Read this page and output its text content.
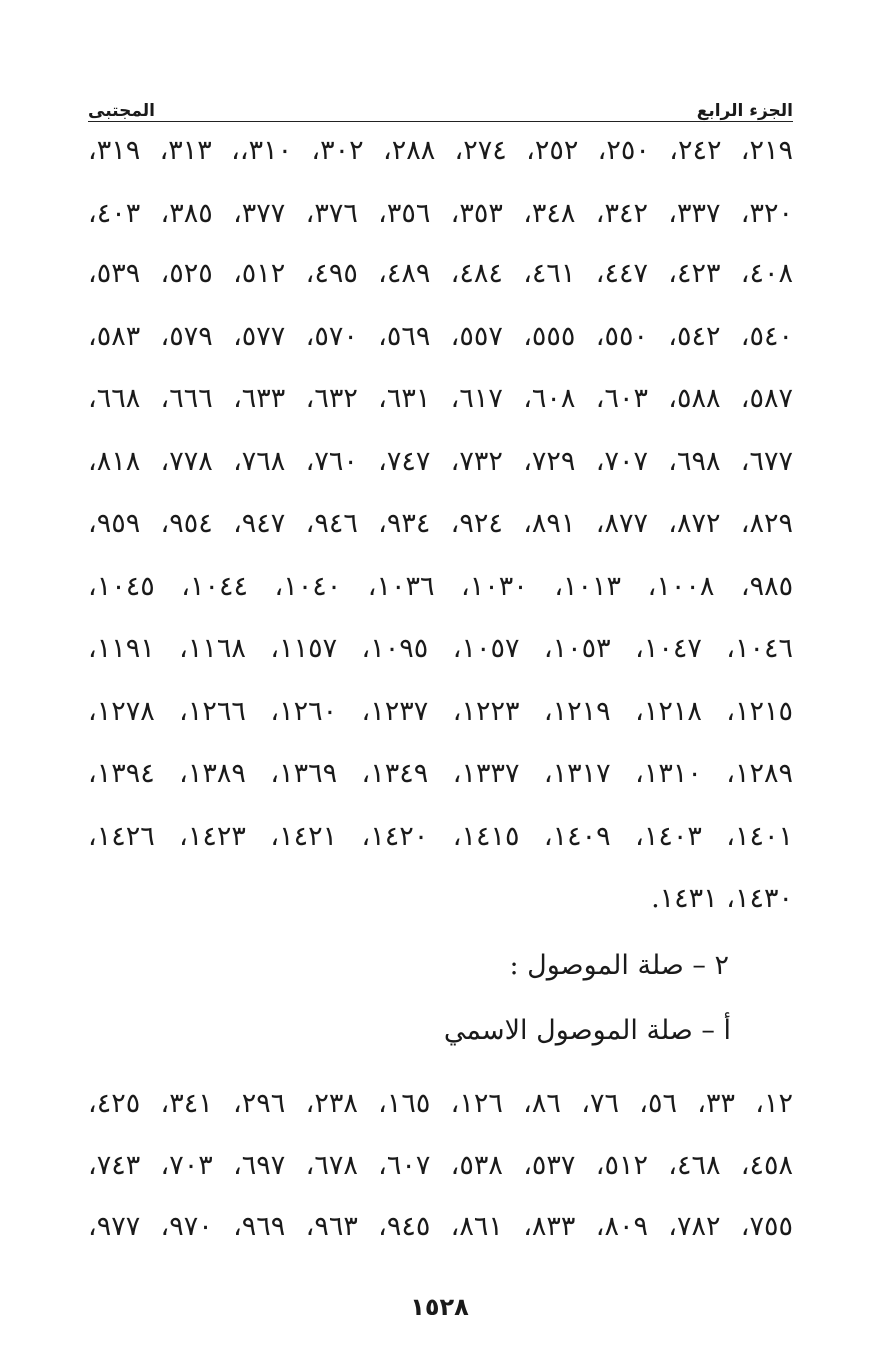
الجزء الرابع
المجتبى
٢١٩، ٢٤٢، ٢٥٠، ٢٥٢، ٢٧٤، ٢٨٨، ٣٠٢، ٣١٠،، ٣١٣، ٣١٩،
٣٢٠، ٣٣٧، ٣٤٢، ٣٤٨، ٣٥٣، ٣٥٦، ٣٧٦، ٣٧٧، ٣٨٥، ٤٠٣،
٤٠٨، ٤٢٣، ٤٤٧، ٤٦١، ٤٨٤، ٤٨٩، ٤٩٥، ٥١٢، ٥٢٥، ٥٣٩،
٥٤٠، ٥٤٢، ٥٥٠، ٥٥٥، ٥٥٧، ٥٦٩، ٥٧٠، ٥٧٧، ٥٧٩، ٥٨٣،
٥٨٧، ٥٨٨، ٦٠٣، ٦٠٨، ٦١٧، ٦٣١، ٦٣٢، ٦٣٣، ٦٦٦، ٦٦٨،
٦٧٧، ٦٩٨، ٧٠٧، ٧٢٩، ٧٣٢، ٧٤٧، ٧٦٠، ٧٦٨، ٧٧٨، ٨١٨،
٨٢٩، ٨٧٢، ٨٧٧، ٨٩١، ٩٢٤، ٩٣٤، ٩٤٦، ٩٤٧، ٩٥٤، ٩٥٩،
٩٨٥، ١٠٠٨، ١٠١٣، ١٠٣٠، ١٠٣٦، ١٠٤٠، ١٠٤٤، ١٠٤٥،
١٠٤٦، ١٠٤٧، ١٠٥٣، ١٠٥٧، ١٠٩٥، ١١٥٧، ١١٦٨، ١١٩١،
١٢١٥، ١٢١٨، ١٢١٩، ١٢٢٣، ١٢٣٧، ١٢٦٠، ١٢٦٦، ١٢٧٨،
١٢٨٩، ١٣١٠، ١٣١٧، ١٣٣٧، ١٣٤٩، ١٣٦٩، ١٣٨٩، ١٣٩٤،
١٤٠١، ١٤٠٣، ١٤٠٩، ١٤١٥، ١٤٢٠، ١٤٢١، ١٤٢٣، ١٤٢٦،
١٤٣٠، ١٤٣١.
٢ – صلة الموصول :
أ – صلة الموصول الاسمي
١٢، ٣٣، ٥٦، ٧٦، ٨٦، ١٢٦، ١٦٥، ٢٣٨، ٢٩٦، ٣٤١، ٤٢٥،
٤٥٨، ٤٦٨، ٥١٢، ٥٣٧، ٥٣٨، ٦٠٧، ٦٧٨، ٦٩٧، ٧٠٣، ٧٤٣،
٧٥٥، ٧٨٢، ٨٠٩، ٨٣٣، ٨٦١، ٩٤٥، ٩٦٣، ٩٦٩، ٩٧٠، ٩٧٧،
١٥٢٨
